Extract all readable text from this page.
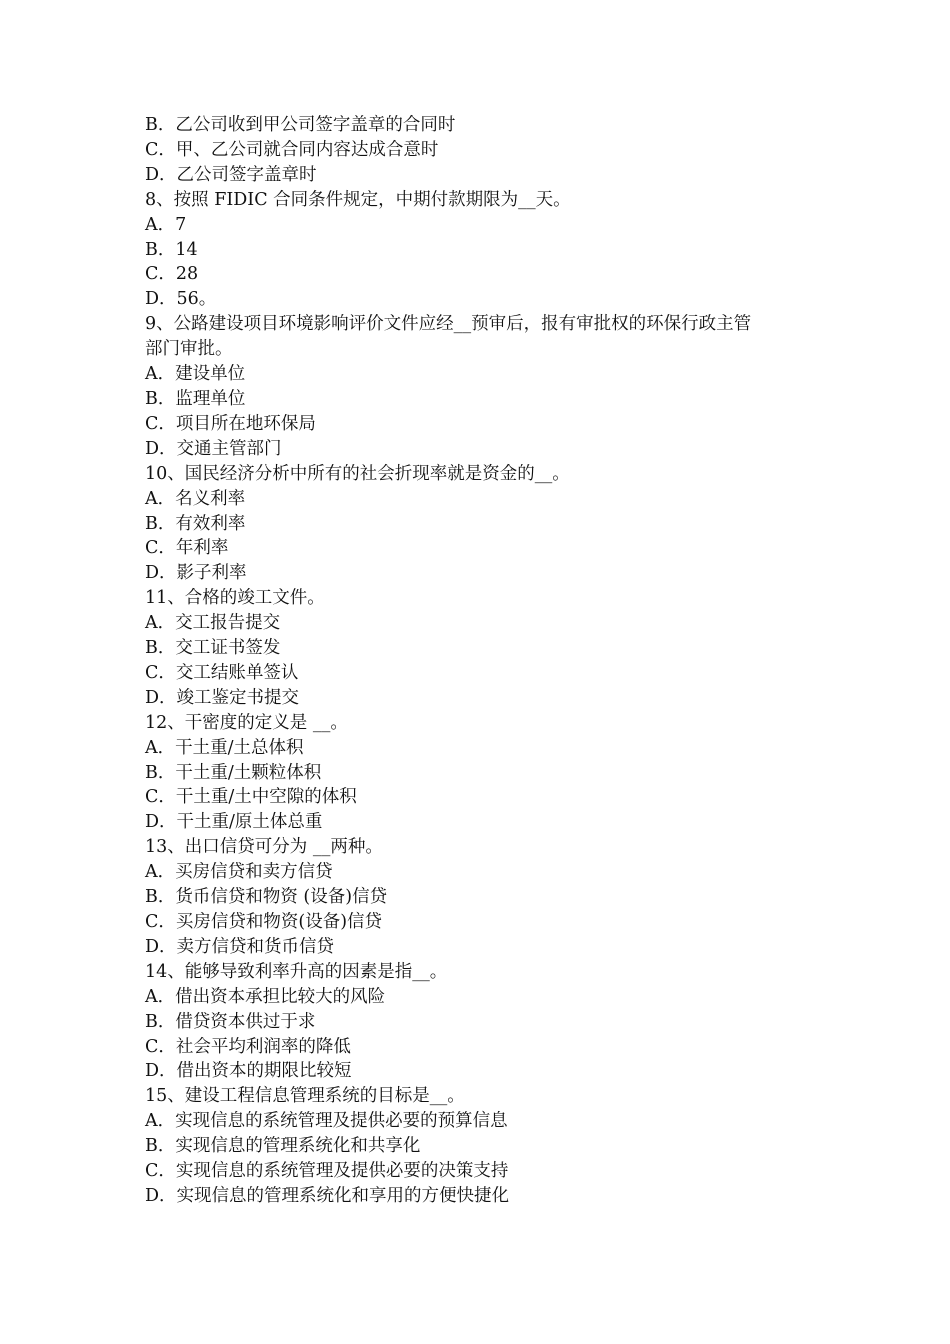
B．乙公司收到甲公司签字盖章的合同时

C．甲、乙公司就合同内容达成合意时

D．乙公司签字盖章时

8、按照 FIDIC 合同条件规定，中期付款期限为__天。

A．7

B．14

C．28

D．56。

9、公路建设项目环境影响评价文件应经__预审后，报有审批权的环保行政主管

部门审批。

A．建设单位

B．监理单位

C．项目所在地环保局

D．交通主管部门

10、国民经济分析中所有的社会折现率就是资金的__。

A．名义利率

B．有效利率

C．年利率

D．影子利率

11、合格的竣工文件。

A．交工报告提交

B．交工证书签发

C．交工结账单签认

D．竣工鉴定书提交

12、干密度的定义是 __。

A．干土重/土总体积

B．干土重/土颗粒体积

C．干土重/土中空隙的体积

D．干土重/原土体总重

13、出口信贷可分为 __两种。

A．买房信贷和卖方信贷

B．货币信贷和物资 (设备)信贷

C．买房信贷和物资(设备)信贷

D．卖方信贷和货币信贷

14、能够导致利率升高的因素是指__。

A．借出资本承担比较大的风险

B．借贷资本供过于求

C．社会平均利润率的降低

D．借出资本的期限比较短

15、建设工程信息管理系统的目标是__。

A．实现信息的系统管理及提供必要的预算信息

B．实现信息的管理系统化和共享化

C．实现信息的系统管理及提供必要的决策支持

D．实现信息的管理系统化和享用的方便快捷化
